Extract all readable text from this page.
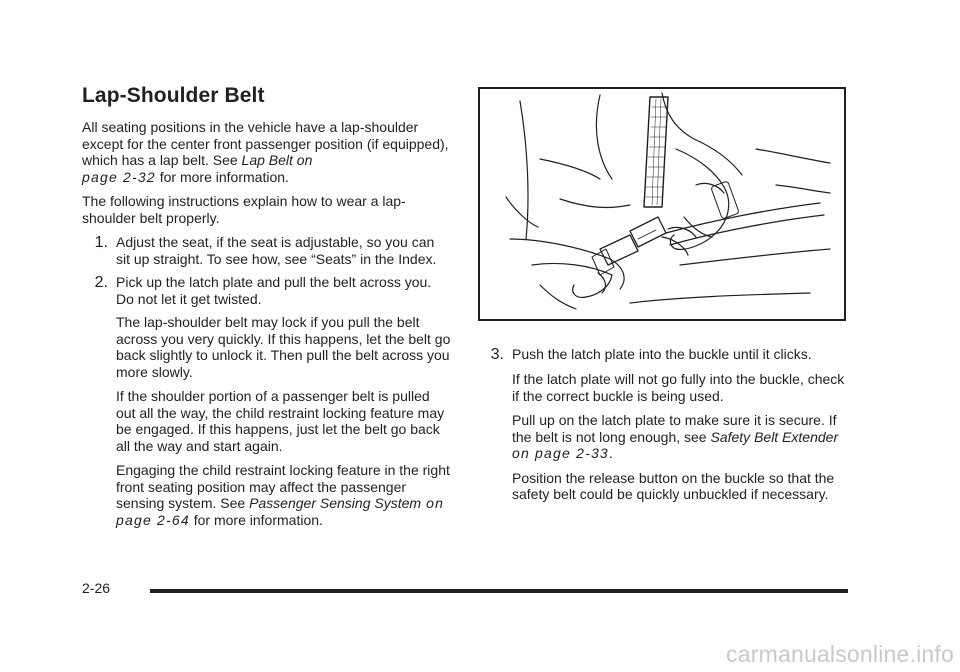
Lap-Shoulder Belt

All seating positions in the vehicle have a lap-shoulder except for the center front passenger position (if equipped), which has a lap belt. See Lap Belt on
page 2-32 for more information.

The following instructions explain how to wear a lap-shoulder belt properly.

1. Adjust the seat, if the seat is adjustable, so you can sit up straight. To see how, see “Seats” in the Index.

2. Pick up the latch plate and pull the belt across you. Do not let it get twisted.

The lap-shoulder belt may lock if you pull the belt across you very quickly. If this happens, let the belt go back slightly to unlock it. Then pull the belt across you more slowly.

If the shoulder portion of a passenger belt is pulled out all the way, the child restraint locking feature may be engaged. If this happens, just let the belt go back all the way and start again.

Engaging the child restraint locking feature in the right front seating position may affect the passenger sensing system. See Passenger Sensing System on page 2-64 for more information.

3. Push the latch plate into the buckle until it clicks.

If the latch plate will not go fully into the buckle, check if the correct buckle is being used.

Pull up on the latch plate to make sure it is secure. If the belt is not long enough, see Safety Belt Extender
on page 2-33.

Position the release button on the buckle so that the safety belt could be quickly unbuckled if necessary.

2-26
carmanualsonline.info
